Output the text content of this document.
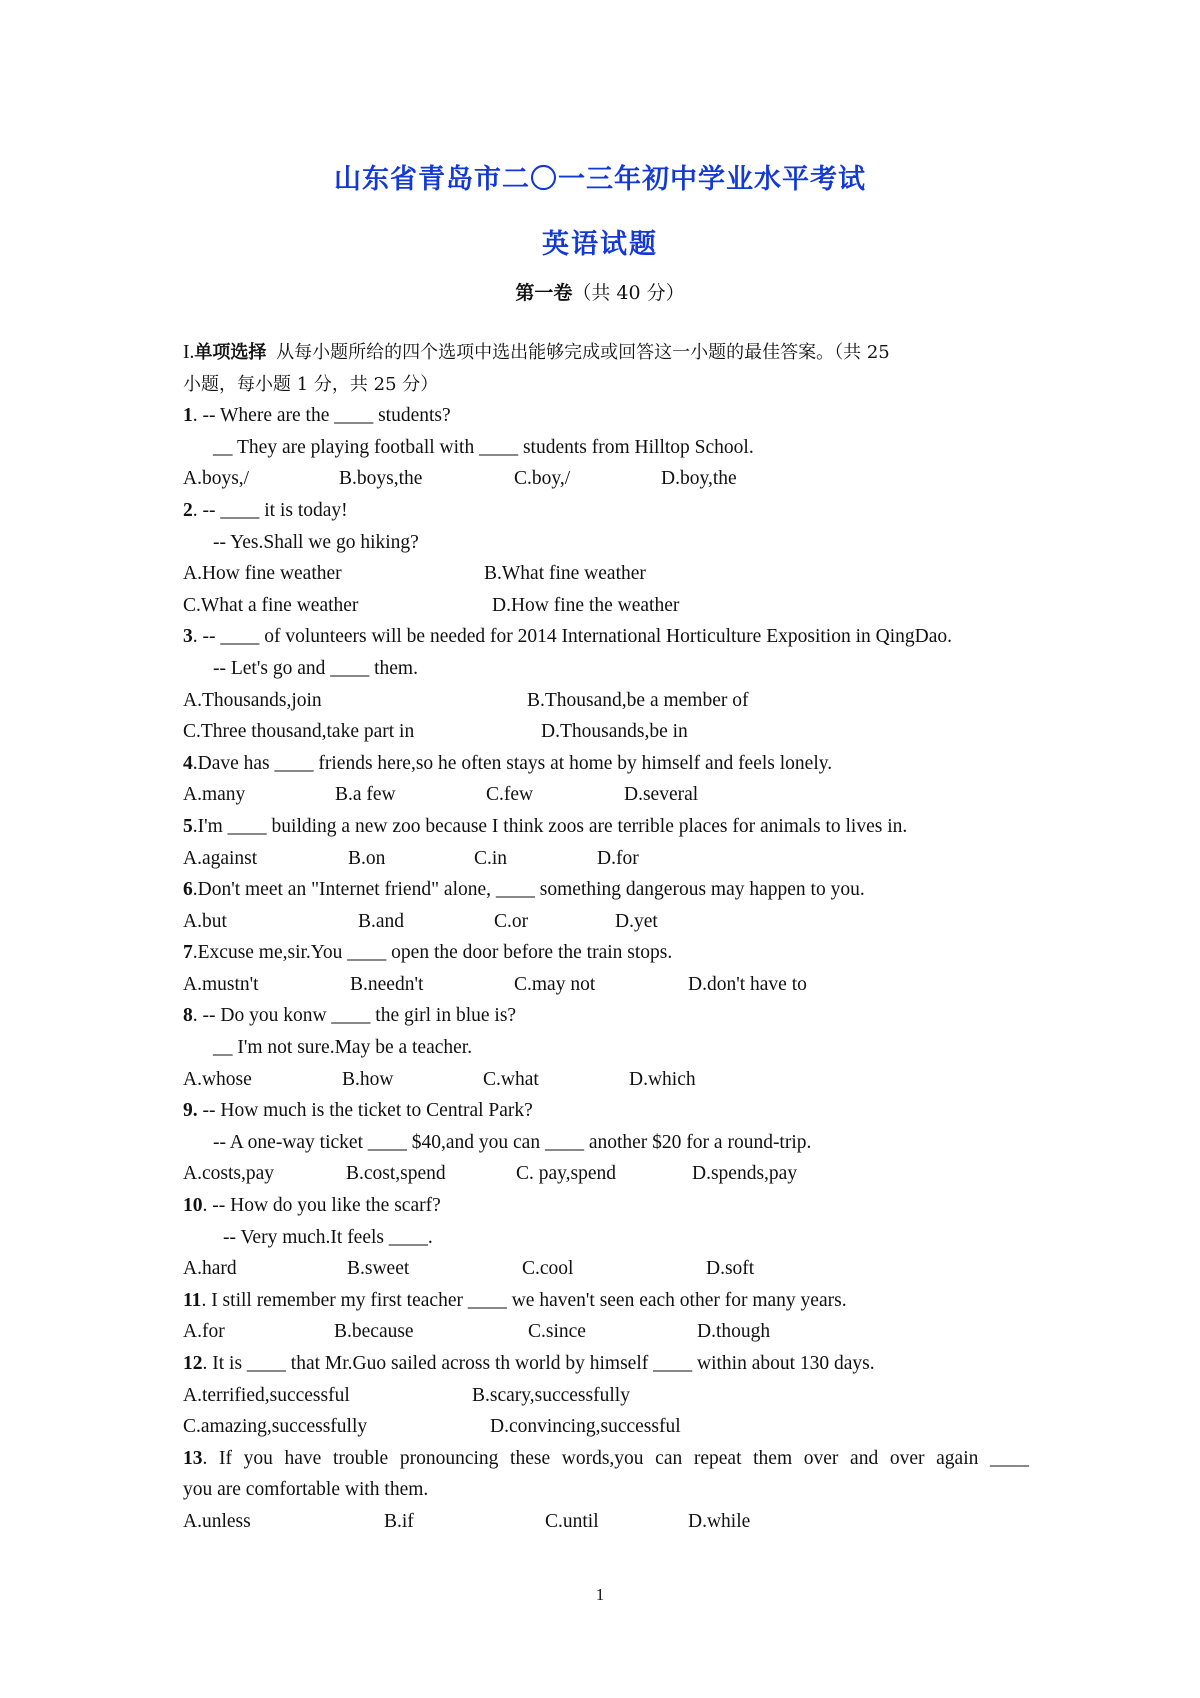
山东省青岛市二〇一三年初中学业水平考试
英语试题
第一卷（共 40 分）
I.单项选择 从每小题所给的四个选项中选出能够完成或回答这一小题的最佳答案。（共 25
小题，每小题 1 分，共 25 分）
1. -- Where are the ____ students?
__ They are playing football with ____ students from Hilltop School.
A.boys,/	B.boys,the	C.boy,/	D.boy,the
2. -- ____ it is today!
-- Yes.Shall we go hiking?
A.How fine weather	B.What fine weather
C.What a fine weather	D.How fine the weather
3. -- ____ of volunteers will be needed for 2014 International Horticulture Exposition in QingDao.
-- Let's go and ____ them.
A.Thousands,join	B.Thousand,be a member of
C.Three thousand,take part in	D.Thousands,be in
4.Dave has ____ friends here,so he often stays at home by himself and feels lonely.
A.many	B.a few	C.few	D.several
5.I'm ____ building a new zoo because I think zoos are terrible places for animals to lives in.
A.against	B.on	C.in	D.for
6.Don't meet an "Internet friend" alone, ____ something dangerous may happen to you.
A.but	B.and	C.or	D.yet
7.Excuse me,sir.You ____ open the door before the train stops.
A.mustn't	B.needn't	C.may not	D.don't have to
8. -- Do you konw ____ the girl in blue is?
__ I'm not sure.May be a teacher.
A.whose	B.how	C.what	D.which
9. -- How much is the ticket to Central Park?
-- A one-way ticket ____ $40,and you can ____ another $20 for a round-trip.
A.costs,pay	B.cost,spend	C. pay,spend	D.spends,pay
10. -- How do you like the scarf?
-- Very much.It feels ____.
A.hard	B.sweet	C.cool	D.soft
11. I still remember my first teacher ____ we haven't seen each other for many years.
A.for	B.because	C.since	D.though
12. It is ____ that Mr.Guo sailed across th world by himself ____ within about 130 days.
A.terrified,successful	B.scary,successfully
C.amazing,successfully	D.convincing,successful
13. If you have trouble pronouncing these words,you can repeat them over and over again ____
you are comfortable with them.
A.unless	B.if	C.until	D.while
1
